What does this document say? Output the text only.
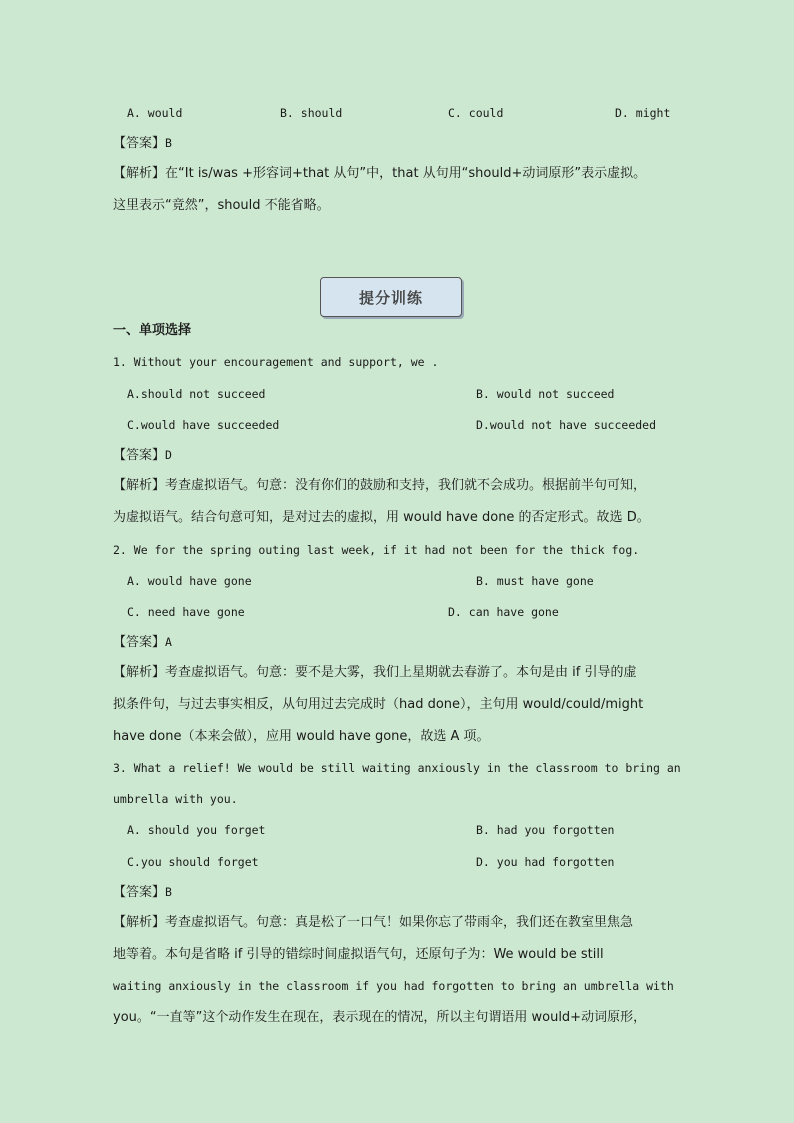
A. would	B. should	C. could	D. might
【答案】B
【解析】在“It is/was +形容词+that 从句”中，that 从句用“should+动词原形”表示虚拟。
这里表示“竟然”，should 不能省略。
提分训练
一、单项选择
1. Without your encouragement and support, we .
A.should not succeed	B. would not succeed
C.would have succeeded	D.would not have succeeded
【答案】D
【解析】考查虚拟语气。句意：没有你们的鼓励和支持，我们就不会成功。根据前半句可知，
为虚拟语气。结合句意可知，是对过去的虚拟，用 would have done 的否定形式。故选 D。
2. We for the spring outing last week, if it had not been for the thick fog.
A. would have gone	B. must have gone
C. need have gone	D. can have gone
【答案】A
【解析】考查虚拟语气。句意：要不是大雾，我们上星期就去春游了。本句是由 if 引导的虚
拟条件句，与过去事实相反，从句用过去完成时（had done），主句用 would/could/might
have done（本来会做），应用 would have gone，故选 A 项。
3. What a relief! We would be still waiting anxiously in the classroom to bring an
umbrella with you.
A. should you forget	B. had you forgotten
C.you should forget	D. you had forgotten
【答案】B
【解析】考查虚拟语气。句意：真是松了一口气！如果你忘了带雨伞，我们还在教室里焦急
地等着。本句是省略 if 引导的错综时间虚拟语气句，还原句子为：We would be still
waiting anxiously in the classroom if you had forgotten to bring an umbrella with
you。“一直等”这个动作发生在现在，表示现在的情况，所以主句谓语用 would+动词原形，
